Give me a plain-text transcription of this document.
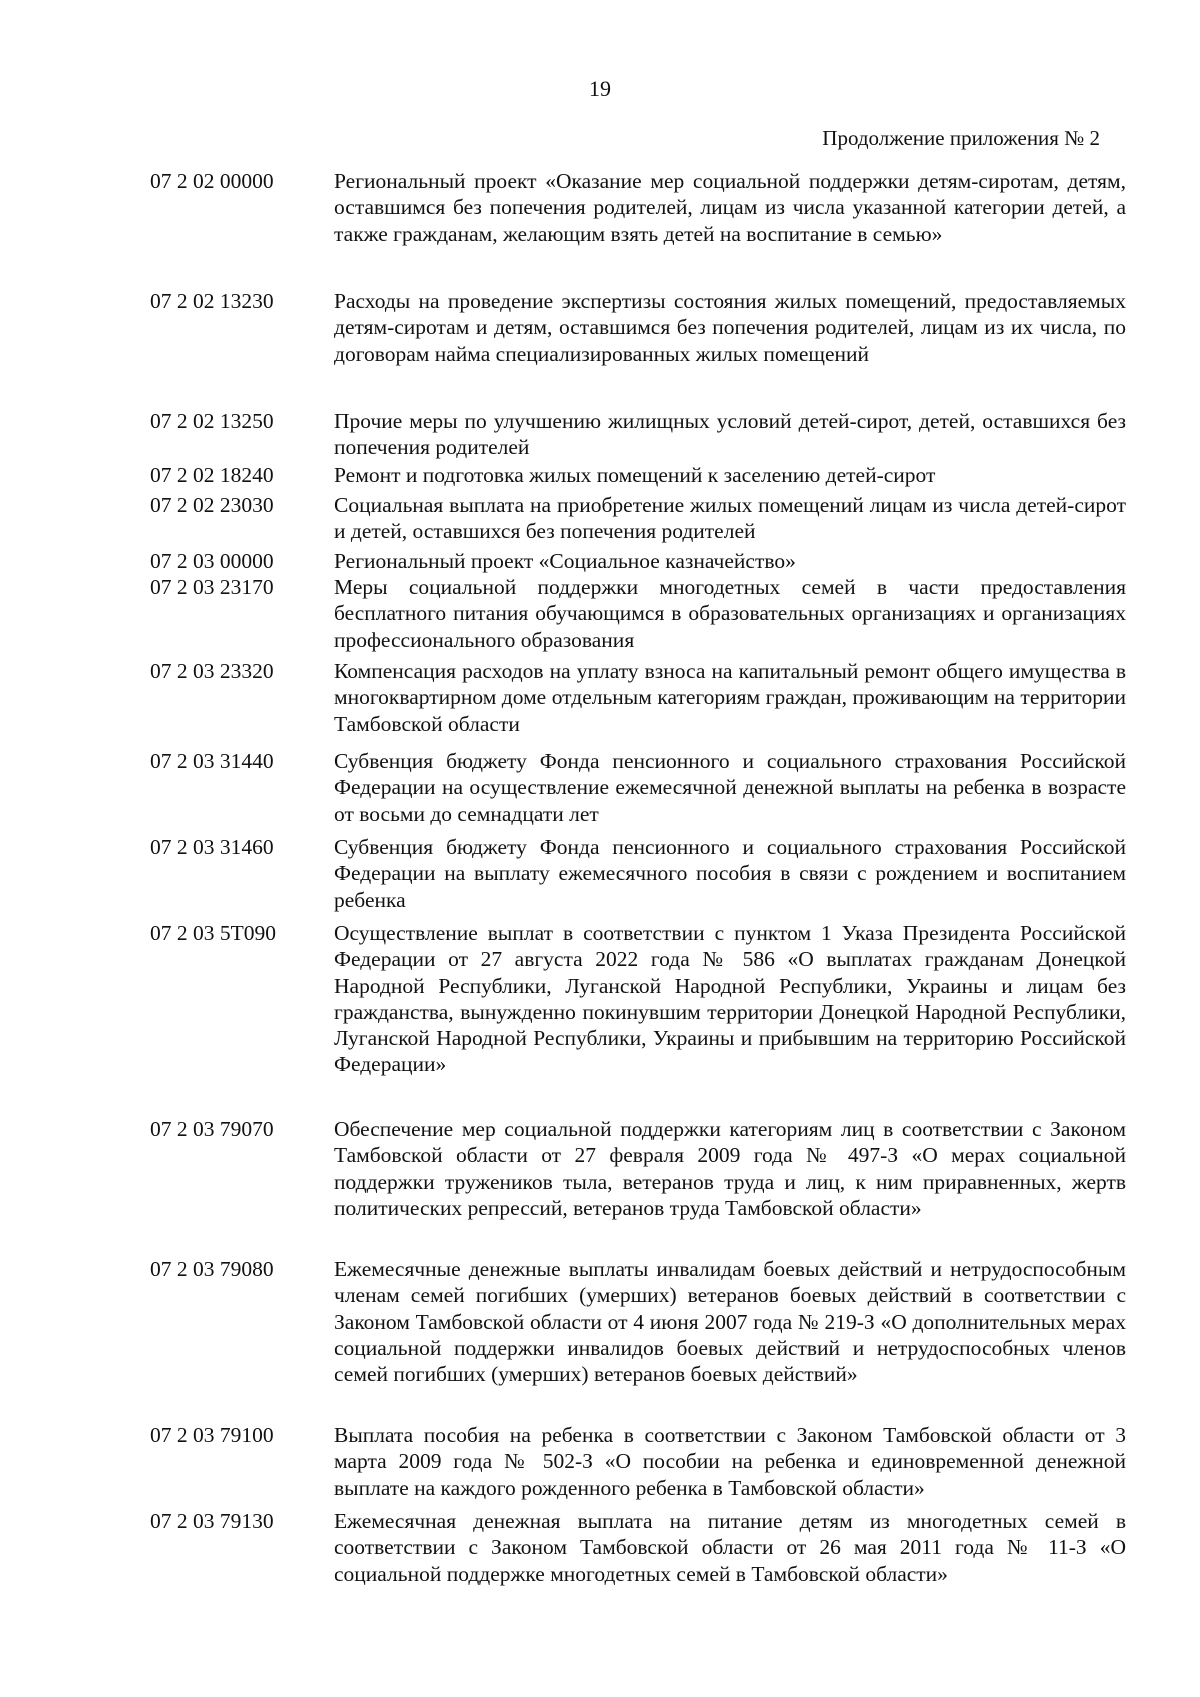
19
Продолжение приложения № 2
07 2 02 00000	Региональный проект «Оказание мер социальной поддержки детям-сиротам, детям, оставшимся без попечения родителей, лицам из числа указанной категории детей, а также гражданам, желающим взять детей на воспитание в семью»
07 2 02 13230	Расходы на проведение экспертизы состояния жилых помещений, предоставляемых детям-сиротам и детям, оставшимся без попечения родителей, лицам из их числа, по договорам найма специализированных жилых помещений
07 2 02 13250	Прочие меры по улучшению жилищных условий детей-сирот, детей, оставшихся без попечения родителей
07 2 02 18240	Ремонт и подготовка жилых помещений к заселению детей-сирот
07 2 02 23030	Социальная выплата на приобретение жилых помещений лицам из числа детей-сирот и детей, оставшихся без попечения родителей
07 2 03 00000	Региональный проект «Социальное казначейство»
07 2 03 23170	Меры социальной поддержки многодетных семей в части предоставления бесплатного питания обучающимся в образовательных организациях и организациях профессионального образования
07 2 03 23320	Компенсация расходов на уплату взноса на капитальный ремонт общего имущества в многоквартирном доме отдельным категориям граждан, проживающим на территории Тамбовской области
07 2 03 31440	Субвенция бюджету Фонда пенсионного и социального страхования Российской Федерации на осуществление ежемесячной денежной выплаты на ребенка в возрасте от восьми до семнадцати лет
07 2 03 31460	Субвенция бюджету Фонда пенсионного и социального страхования Российской Федерации на выплату ежемесячного пособия в связи с рождением и воспитанием ребенка
07 2 03 5Т090	Осуществление выплат в соответствии с пунктом 1 Указа Президента Российской Федерации от 27 августа 2022 года № 586 «О выплатах гражданам Донецкой Народной Республики, Луганской Народной Республики, Украины и лицам без гражданства, вынужденно покинувшим территории Донецкой Народной Республики, Луганской Народной Республики, Украины и прибывшим на территорию Российской Федерации»
07 2 03 79070	Обеспечение мер социальной поддержки категориям лиц в соответствии с Законом Тамбовской области от 27 февраля 2009 года № 497-З «О мерах социальной поддержки тружеников тыла, ветеранов труда и лиц, к ним приравненных, жертв политических репрессий, ветеранов труда Тамбовской области»
07 2 03 79080	Ежемесячные денежные выплаты инвалидам боевых действий и нетрудоспособным членам семей погибших (умерших) ветеранов боевых действий в соответствии с Законом Тамбовской области от 4 июня 2007 года № 219-З «О дополнительных мерах социальной поддержки инвалидов боевых действий и нетрудоспособных членов семей погибших (умерших) ветеранов боевых действий»
07 2 03 79100	Выплата пособия на ребенка в соответствии с Законом Тамбовской области от 3 марта 2009 года № 502-З «О пособии на ребенка и единовременной денежной выплате на каждого рожденного ребенка в Тамбовской области»
07 2 03 79130	Ежемесячная денежная выплата на питание детям из многодетных семей в соответствии с Законом Тамбовской области от 26 мая 2011 года № 11-З «О социальной поддержке многодетных семей в Тамбовской области»
